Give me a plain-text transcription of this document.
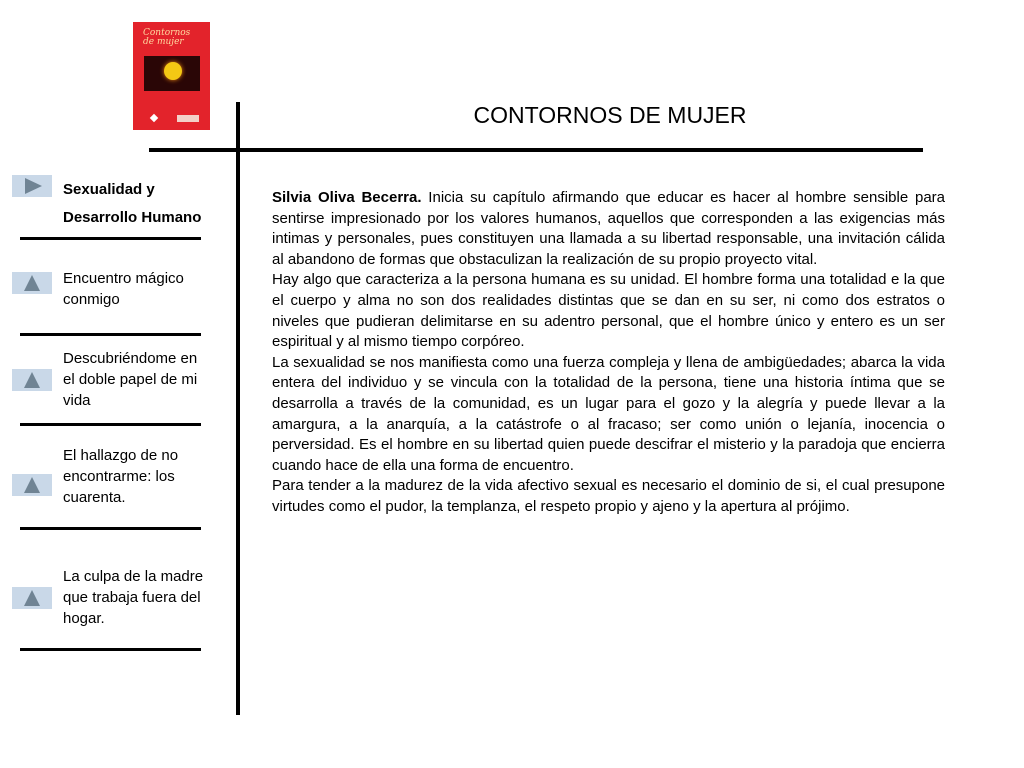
Contornos de mujer
CONTORNOS DE MUJER
Sexualidad y Desarrollo Humano
Encuentro mágico conmigo
Descubriéndome en el doble papel de mi vida
El hallazgo de no encontrarme: los cuarenta.
La culpa de la madre que trabaja fuera del hogar.

Silvia Oliva Becerra. Inicia su capítulo afirmando que educar es hacer al hombre sensible para sentirse impresionado por los valores humanos, aquellos que corresponden a las exigencias más intimas y personales, pues constituyen una llamada a su libertad responsable, una invitación cálida al abandono de formas que obstaculizan la realización de su propio proyecto vital.

Hay algo que caracteriza a la persona humana es su unidad. El hombre forma una totalidad e la que el cuerpo y alma no son dos realidades distintas que se dan en su ser, ni como dos estratos o niveles que pudieran delimitarse en su adentro personal, que el hombre único y entero es un ser espiritual y al mismo tiempo corpóreo.

La sexualidad se nos manifiesta como una fuerza compleja y llena de ambigüedades; abarca la vida entera del individuo y se vincula con la totalidad de la persona, tiene una historia íntima que se desarrolla a través de la comunidad, es un lugar para el gozo y la alegría y puede llevar a la amargura, a la anarquía, a la catástrofe o al fracaso; ser como unión o lejanía, inocencia o perversidad. Es el hombre en su libertad quien puede descifrar el misterio y la paradoja que encierra cuando hace de ella una forma de encuentro.

Para tender a la madurez de la vida afectivo sexual es necesario el dominio de si, el cual presupone virtudes como el pudor, la templanza, el respeto propio y ajeno y la apertura al prójimo.
